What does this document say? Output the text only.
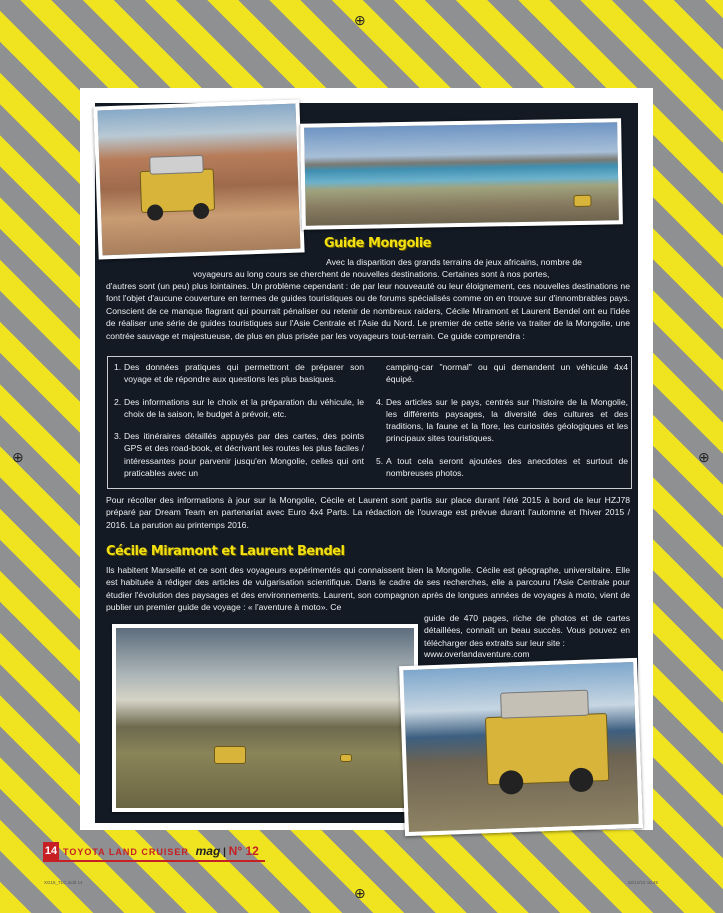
⊕
⊕
⊕	⊕
Guide Mongolie
Avec la disparition des grands terrains de jeux africains, nombre de
voyageurs au long cours se cherchent de nouvelles destinations. Certaines sont à nos portes,
d'autres sont (un peu) plus lointaines. Un problème cependant : de par leur nouveauté ou leur éloignement, ces nouvelles destinations ne font l'objet d'aucune couverture en termes de guides touristiques ou de forums spécialisés comme on en trouve sur d'innombrables pays. Conscient de ce manque flagrant qui pourrait pénaliser ou retenir de nombreux raiders, Cécile Miramont et Laurent Bendel ont eu l'idée de réaliser une série de guides touristiques sur l'Asie Centrale et l'Asie du Nord. Le premier de cette série va traiter de la Mongolie, une contrée sauvage et majestueuse, de plus en plus prisée par les voyageurs tout-terrain. Ce guide comprendra :
1. Des données pratiques qui permettront de préparer son voyage et de répondre aux questions les plus basiques.
2. Des informations sur le choix et la préparation du véhicule, le choix de la saison, le budget à prévoir, etc.
3. Des itinéraires détaillés appuyés par des cartes, des points GPS et des road-book, et décrivant les routes les plus faciles / intéressantes pour parvenir jusqu'en Mongolie, celles qui ont praticables avec un
camping-car "normal" ou qui demandent un véhicule 4x4 équipé.
4. Des articles sur le pays, centrés sur l'histoire de la Mongolie, les différents paysages, la diversité des cultures et des traditions, la faune et la flore, les curiosités géologiques et les principaux sites touristiques.
5. A tout cela seront ajoutées des anecdotes et surtout de nombreuses photos.
Pour récolter des informations à jour sur la Mongolie, Cécile et Laurent sont partis sur place durant l'été 2015 à bord de leur HZJ78 préparé par Dream Team en partenariat avec Euro 4x4 Parts. La rédaction de l'ouvrage est prévue durant l'automne et l'hiver 2015 / 2016. La parution au printemps 2016.
Cécile Miramont et Laurent Bendel
Ils habitent Marseille et ce sont des voyageurs expérimentés qui connaissent bien la Mongolie. Cécile est géographe, universitaire. Elle est habituée à rédiger des articles de vulgarisation scientifique. Dans le cadre de ses recherches, elle a parcouru l'Asie Centrale pour étudier l'évolution des paysages et des environnements. Laurent, son compagnon après de longues années de voyages à moto, vient de publier un premier guide de voyage : « l'aventure à moto». Ce
guide de 470 pages, riche de photos et de cartes détaillées, connaît un beau succès. Vous pouvez en télécharger des extraits sur leur site :
www.overlandaventure.com
14 TOYOTA LAND CRUISER mag | N° 12
XG15_TLC.indd 14	02/12/15 16:45
